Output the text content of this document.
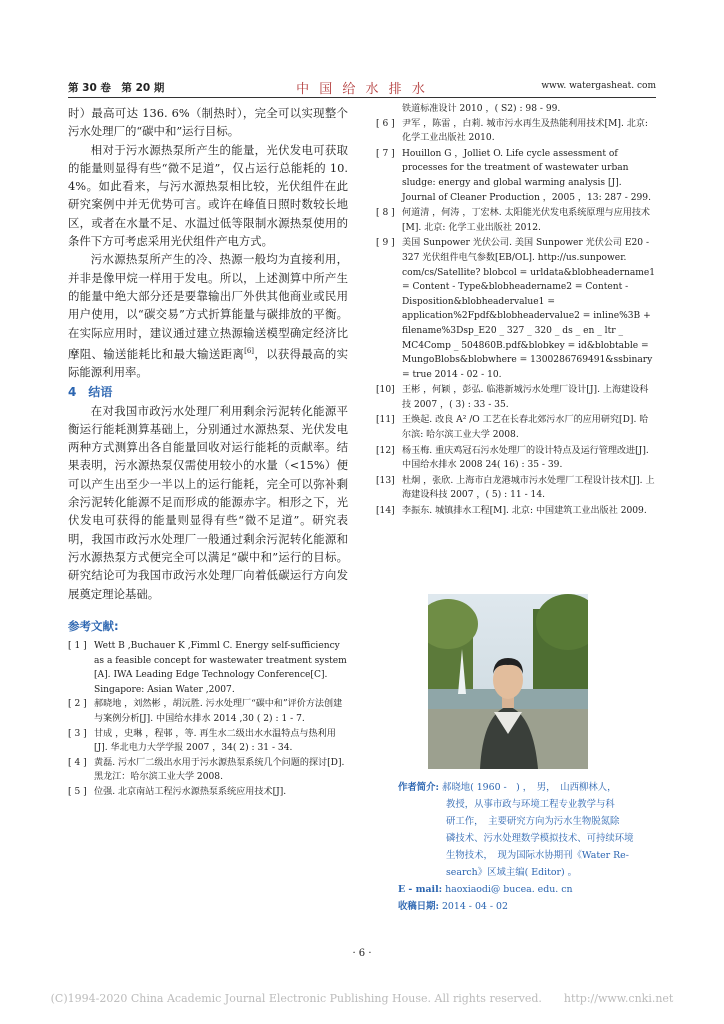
第 30 卷　第 20 期	中 国 给 水 排 水	www. watergasheat. com

时）最高可达 136. 6%（制热时），完全可以实现整个污水处理厂的“碳中和”运行目标。

相对于污水源热泵所产生的能量，光伏发电可获取的能量则显得有些“微不足道”，仅占运行总能耗的 10. 4%。如此看来，与污水源热泵相比较，光伏组件在此研究案例中并无优势可言。或许在峰值日照时数较长地区，或者在水量不足、水温过低等限制水源热泵使用的条件下方可考虑采用光伏组件产电方式。

污水源热泵所产生的冷、热源一般均为直接利用，并非是像甲烷一样用于发电。所以，上述测算中所产生的能量中绝大部分还是要靠输出厂外供其他商业或民用用户使用，以“碳交易”方式折算能量与碳排放的平衡。在实际应用时，建议通过建立热源输送模型确定经济比摩阻、输送能耗比和最大输送距离[6]，以获得最高的实际能源利用率。

4 结语

在对我国市政污水处理厂利用剩余污泥转化能源平衡运行能耗测算基础上，分别通过水源热泵、光伏发电两种方式测算出各自能量回收对运行能耗的贡献率。结果表明，污水源热泵仅需使用较小的水量（<15%）便可以产生出至少一半以上的运行能耗，完全可以弥补剩余污泥转化能源不足而形成的能源赤字。相形之下，光伏发电可获得的能量则显得有些“微不足道”。研究表明，我国市政污水处理厂一般通过剩余污泥转化能源和污水源热泵方式便完全可以满足“碳中和”运行的目标。研究结论可为我国市政污水处理厂向着低碳运行方向发展奠定理论基础。

参考文献:
[ 1 ] Wett B ,Buchauer K ,Fimml C. Energy self-sufficiency as a feasible concept for wastewater treatment system [A]. IWA Leading Edge Technology Conference[C]. Singapore: Asian Water ,2007.
[ 2 ] 郝晓地 ，刘然彬 ，胡沅胜. 污水处理厂“碳中和”评价方法创建与案例分析[J]. 中国给水排水 2014 ,30 ( 2) : 1 - 7.
[ 3 ] 甘成 ，史琳 ，程邨 ，等. 再生水二级出水水温特点与热利用[J]. 华北电力大学学报 2007 ，34( 2) : 31 - 34.
[ 4 ] 黄磊. 污水厂二级出水用于污水源热泵系统几个问题的探讨[D]. 黑龙江：哈尔滨工业大学 2008.
[ 5 ] 位强. 北京南站工程污水源热泵系统应用技术[J].
铁道标准设计 2010 ，( S2) : 98 - 99.
[ 6 ] 尹军 ，陈雷 ，白莉. 城市污水再生及热能利用技术[M]. 北京: 化学工业出版社 2010.
[ 7 ] Houillon G ，Jolliet O. Life cycle assessment of processes for the treatment of wastewater urban sludge: energy and global warming analysis [J]. Journal of Cleaner Production ，2005 ，13: 287 - 299.
[ 8 ] 何道清 ，何涛 ，丁宏林. 太阳能光伏发电系统原理与应用技术[M]. 北京: 化学工业出版社 2012.
[ 9 ] 美国 Sunpower 光伏公司. 美国 Sunpower 光伏公司 E20 - 327 光伏组件电气参数[EB/OL]. http://us.sunpower. com/cs/Satellite? blobcol = urldata&blobheadername1 = Content - Type&blobheadername2 = Content - Disposition&blobheadervalue1 = application%2Fpdf&blobheadervalue2 = inline%3B + filename%3Dsp_E20 _ 327 _ 320 _ ds _ en _ ltr _ MC4Comp _ 504860B.pdf&blobkey = id&blobtable = MungoBlobs&blobwhere = 1300286769491&ssbinary = true 2014 - 02 - 10.
[10] 王彬 ，何颖 ，彭弘. 临港新城污水处理厂设计[J]. 上海建设科技 2007 ，( 3) : 33 - 35.
[11] 王焕起. 改良 A² /O 工艺在长春北郊污水厂的应用研究[D]. 哈尔滨: 哈尔滨工业大学 2008.
[12] 杨玉梅. 重庆鸡冠石污水处理厂的设计特点及运行管理改进[J]. 中国给水排水 2008 24( 16) : 35 - 39.
[13] 杜炯 ，张欣. 上海市白龙港城市污水处理厂工程设计技术[J]. 上海建设科技 2007 ，( 5) : 11 - 14.
[14] 李振东. 城镇排水工程[M]. 北京: 中国建筑工业出版社 2009.
作者简介: 郝晓地( 1960 -　) ，　男，　山西柳林人，
教授，从事市政与环境工程专业教学与科
研工作，　主要研究方向为污水生物脱氮除
磷技术、污水处理数学模拟技术、可持续环境
生物技术，　现为国际水协期刊《Water Re-
search》区域主编( Editor) 。
E - mail: haoxiaodi@ bucea. edu. cn
收稿日期: 2014 - 04 - 02
· 6 ·
(C)1994-2020 China Academic Journal Electronic Publishing House. All rights reserved.　　http://www.cnki.net
